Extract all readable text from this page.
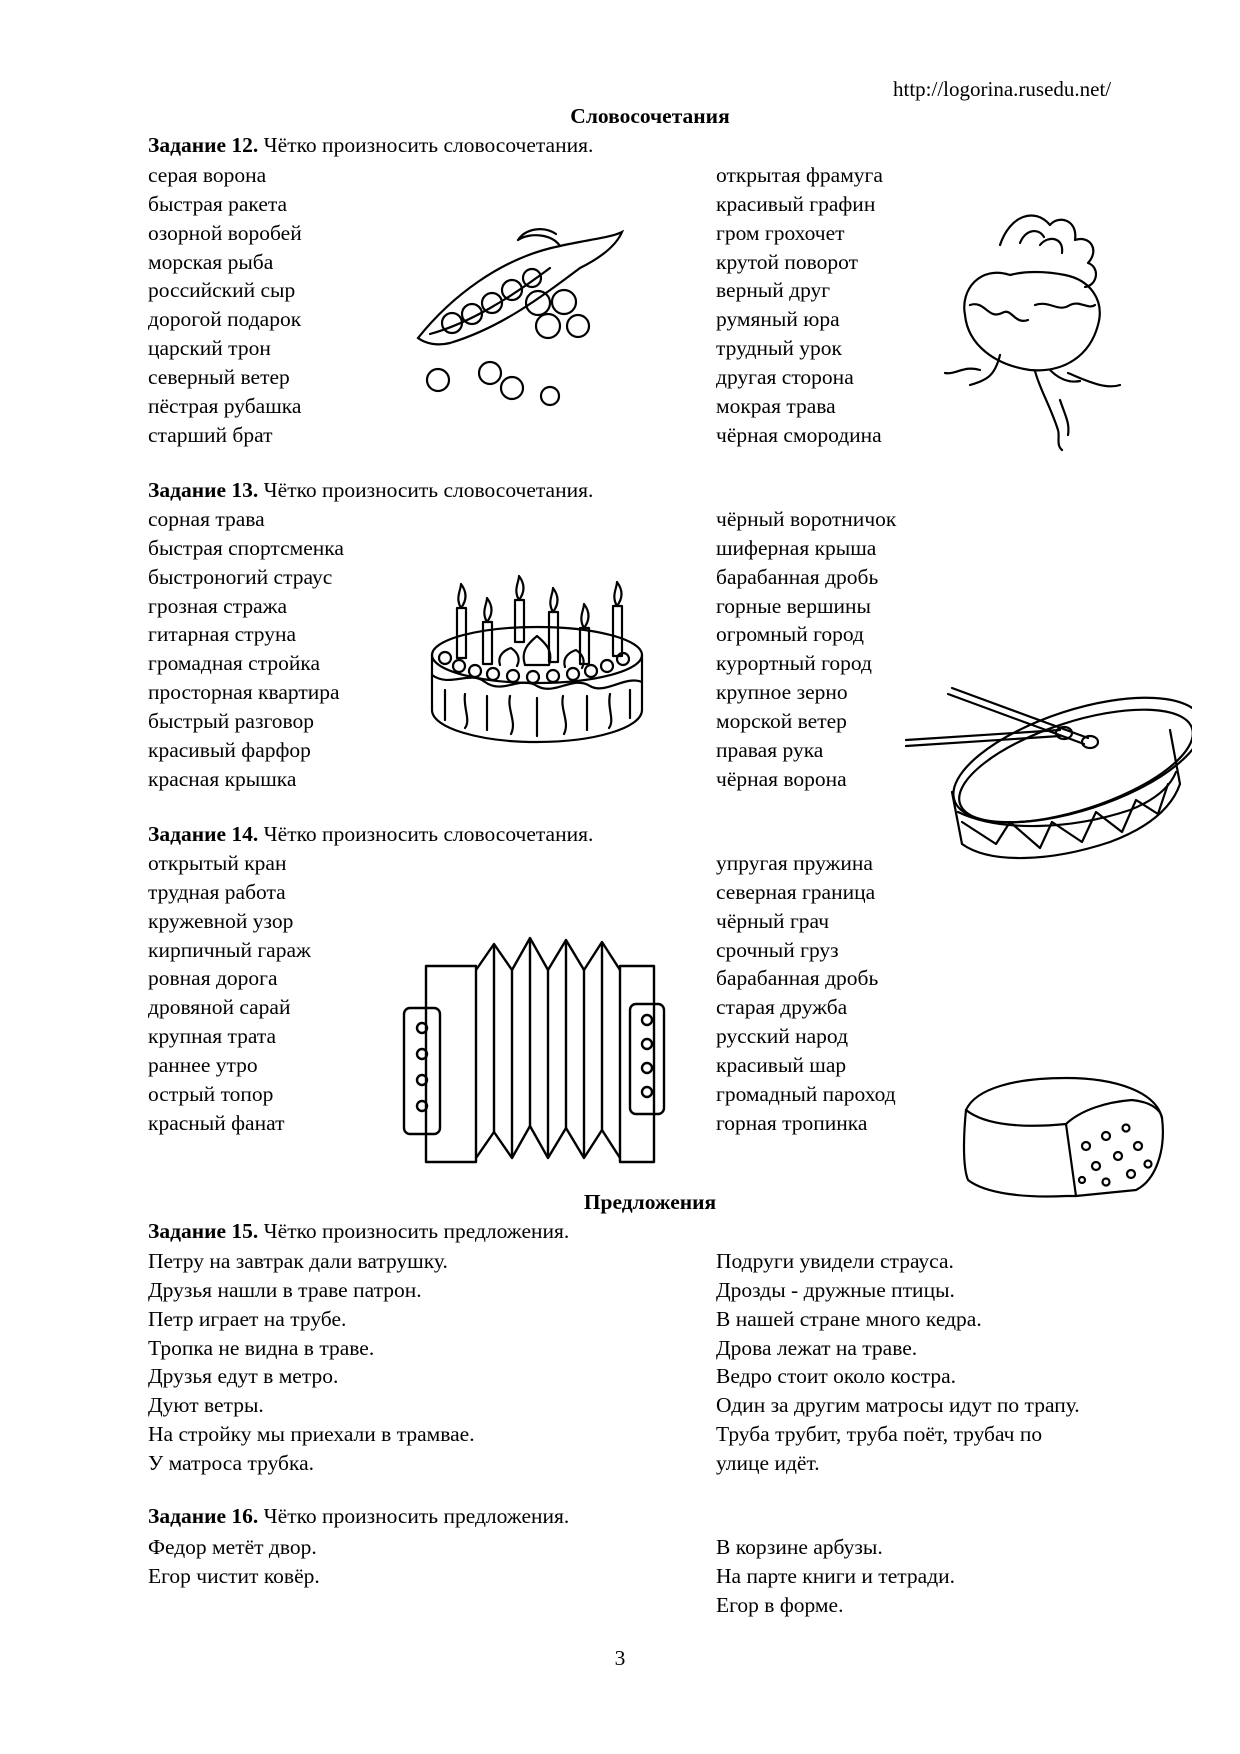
http://logorina.rusedu.net/
Словосочетания
Задание 12. Чётко произносить словосочетания.
серая ворона
быстрая ракета
озорной воробей
морская рыба
российский сыр
дорогой подарок
царский трон
северный ветер
пёстрая рубашка
старший брат
открытая фрамуга
красивый графин
гром грохочет
крутой поворот
верный друг
румяный юра
трудный урок
другая сторона
мокрая трава
чёрная смородина
Задание 13. Чётко произносить словосочетания.
сорная трава
быстрая спортсменка
быстроногий страус
грозная стража
гитарная струна
громадная стройка
просторная квартира
быстрый разговор
красивый фарфор
красная крышка
чёрный воротничок
шиферная крыша
барабанная дробь
горные вершины
огромный город
курортный город
крупное зерно
морской ветер
правая рука
чёрная ворона
Задание 14. Чётко произносить словосочетания.
открытый кран
трудная работа
кружевной узор
кирпичный гараж
ровная дорога
дровяной сарай
крупная трата
раннее утро
острый топор
красный фанат
упругая пружина
северная граница
чёрный грач
срочный груз
барабанная дробь
старая дружба
русский народ
красивый шар
громадный пароход
горная тропинка
Предложения
Задание 15. Чётко произносить предложения.
Петру на завтрак дали ватрушку.
Друзья нашли в траве патрон.
Петр играет на трубе.
Тропка не видна в траве.
Друзья едут в метро.
Дуют ветры.
На стройку мы приехали в трамвае.
У матроса трубка.
Подруги увидели страуса.
Дрозды - дружные птицы.
В нашей стране много кедра.
Дрова лежат на траве.
Ведро стоит около костра.
Один за другим матросы идут по трапу.
Труба трубит, труба поёт, трубач по
улице идёт.
Задание 16. Чётко произносить предложения.
Федор метёт двор.
Егор чистит ковёр.
В корзине арбузы.
На парте книги и тетради.
Егор в форме.
3
